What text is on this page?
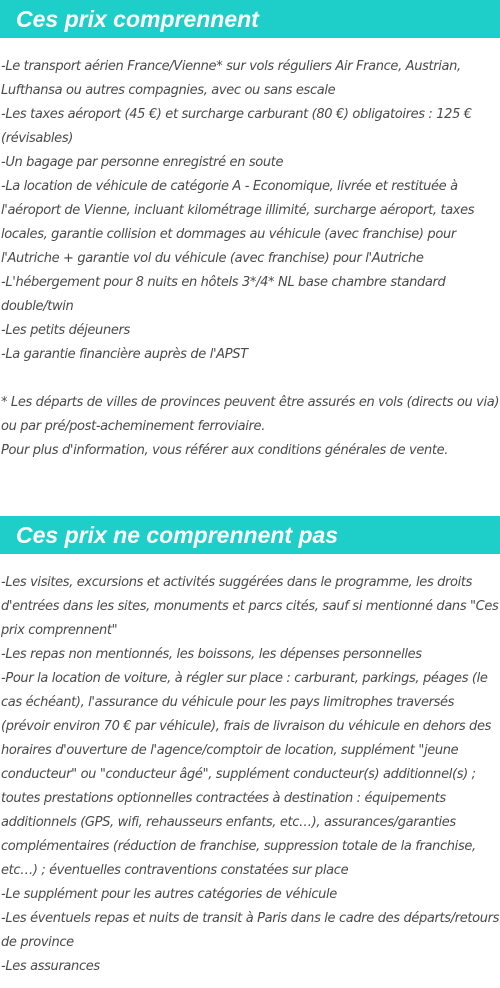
Ces prix comprennent

-Le transport aérien France/Vienne* sur vols réguliers Air France, Austrian, Lufthansa ou autres compagnies, avec ou sans escale

-Les taxes aéroport (45 €) et surcharge carburant (80 €) obligatoires : 125 € (révisables)

-Un bagage par personne enregistré en soute

-La location de véhicule de catégorie A - Economique, livrée et restituée à l'aéroport de Vienne, incluant kilométrage illimité, surcharge aéroport, taxes locales, garantie collision et dommages au véhicule (avec franchise) pour l'Autriche + garantie vol du véhicule (avec franchise) pour l'Autriche

-L'hébergement pour 8 nuits en hôtels 3*/4* NL base chambre standard double/twin

-Les petits déjeuners

-La garantie financière auprès de l'APST

* Les départs de villes de provinces peuvent être assurés en vols (directs ou via) ou par pré/post-acheminement ferroviaire.

Pour plus d'information, vous référer aux conditions générales de vente.

Ces prix ne comprennent pas

-Les visites, excursions et activités suggérées dans le programme, les droits d'entrées dans les sites, monuments et parcs cités, sauf si mentionné dans "Ces prix comprennent"

-Les repas non mentionnés, les boissons, les dépenses personnelles

-Pour la location de voiture, à régler sur place : carburant, parkings, péages (le cas échéant), l'assurance du véhicule pour les pays limitrophes traversés (prévoir environ 70 € par véhicule), frais de livraison du véhicule en dehors des horaires d'ouverture de l'agence/comptoir de location, supplément "jeune conducteur" ou "conducteur âgé", supplément conducteur(s) additionnel(s) ; toutes prestations optionnelles contractées à destination : équipements additionnels (GPS, wifi, rehausseurs enfants, etc…), assurances/garanties complémentaires (réduction de franchise, suppression totale de la franchise, etc…) ; éventuelles contraventions constatées sur place

-Le supplément pour les autres catégories de véhicule

-Les éventuels repas et nuits de transit à Paris dans le cadre des départs/retours de province

-Les assurances
